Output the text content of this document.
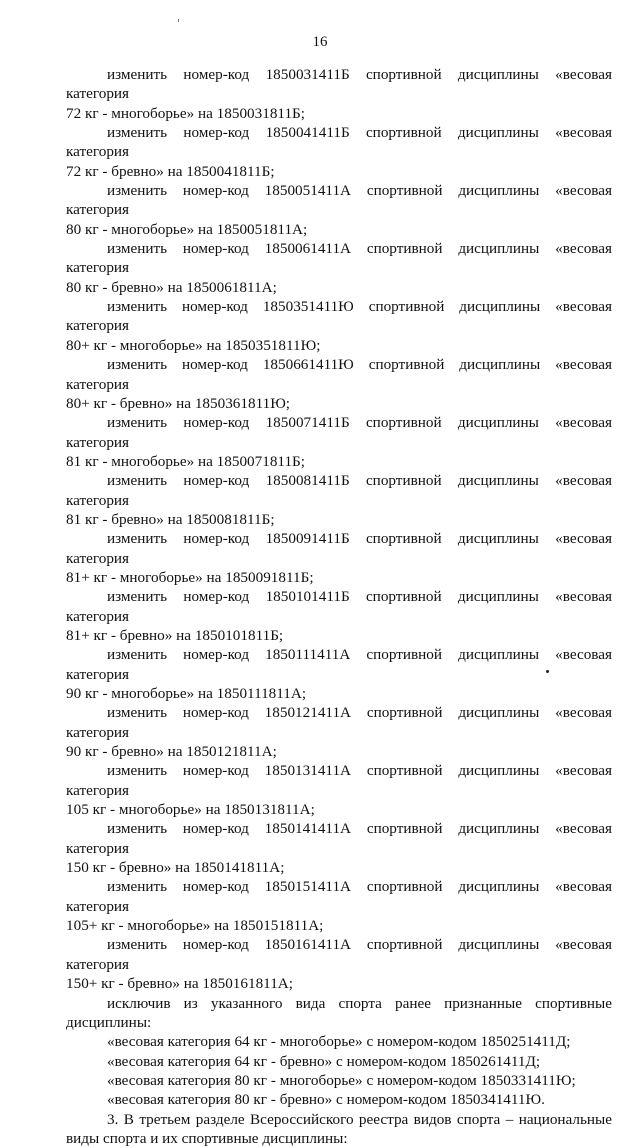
16

изменить номер-код 1850031411Б спортивной дисциплины «весовая категория

72 кг - многоборье» на 1850031811Б;

изменить номер-код 1850041411Б спортивной дисциплины «весовая категория

72 кг - бревно» на 1850041811Б;

изменить номер-код 1850051411А спортивной дисциплины «весовая категория

80 кг - многоборье» на 1850051811А;

изменить номер-код 1850061411А спортивной дисциплины «весовая категория

80 кг - бревно» на 1850061811А;

изменить номер-код 1850351411Ю спортивной дисциплины «весовая категория

80+ кг - многоборье» на 1850351811Ю;

изменить номер-код 1850661411Ю спортивной дисциплины «весовая категория

80+ кг - бревно» на 1850361811Ю;

изменить номер-код 1850071411Б спортивной дисциплины «весовая категория

81 кг - многоборье» на 1850071811Б;

изменить номер-код 1850081411Б спортивной дисциплины «весовая категория

81 кг - бревно» на 1850081811Б;

изменить номер-код 1850091411Б спортивной дисциплины «весовая категория

81+ кг - многоборье» на 1850091811Б;

изменить номер-код 1850101411Б спортивной дисциплины «весовая категория

81+ кг - бревно» на 1850101811Б;

изменить номер-код 1850111411А спортивной дисциплины «весовая категория

90 кг - многоборье» на 1850111811А;

изменить номер-код 1850121411А спортивной дисциплины «весовая категория

90 кг - бревно» на 1850121811А;

изменить номер-код 1850131411А спортивной дисциплины «весовая категория

105 кг - многоборье» на 1850131811А;

изменить номер-код 1850141411А спортивной дисциплины «весовая категория

150 кг - бревно» на 1850141811А;

изменить номер-код 1850151411А спортивной дисциплины «весовая категория

105+ кг - многоборье» на 1850151811А;

изменить номер-код 1850161411А спортивной дисциплины «весовая категория

150+ кг - бревно» на 1850161811А;

исключив из указанного вида спорта ранее признанные спортивные

дисциплины:

«весовая категория 64 кг - многоборье» с номером-кодом 1850251411Д;

«весовая категория 64 кг - бревно» с номером-кодом 1850261411Д;

«весовая категория 80 кг - многоборье» с номером-кодом 1850331411Ю;

«весовая категория 80 кг - бревно» с номером-кодом 1850341411Ю.

3. В третьем разделе Всероссийского реестра видов спорта – национальные

виды спорта и их спортивные дисциплины:
